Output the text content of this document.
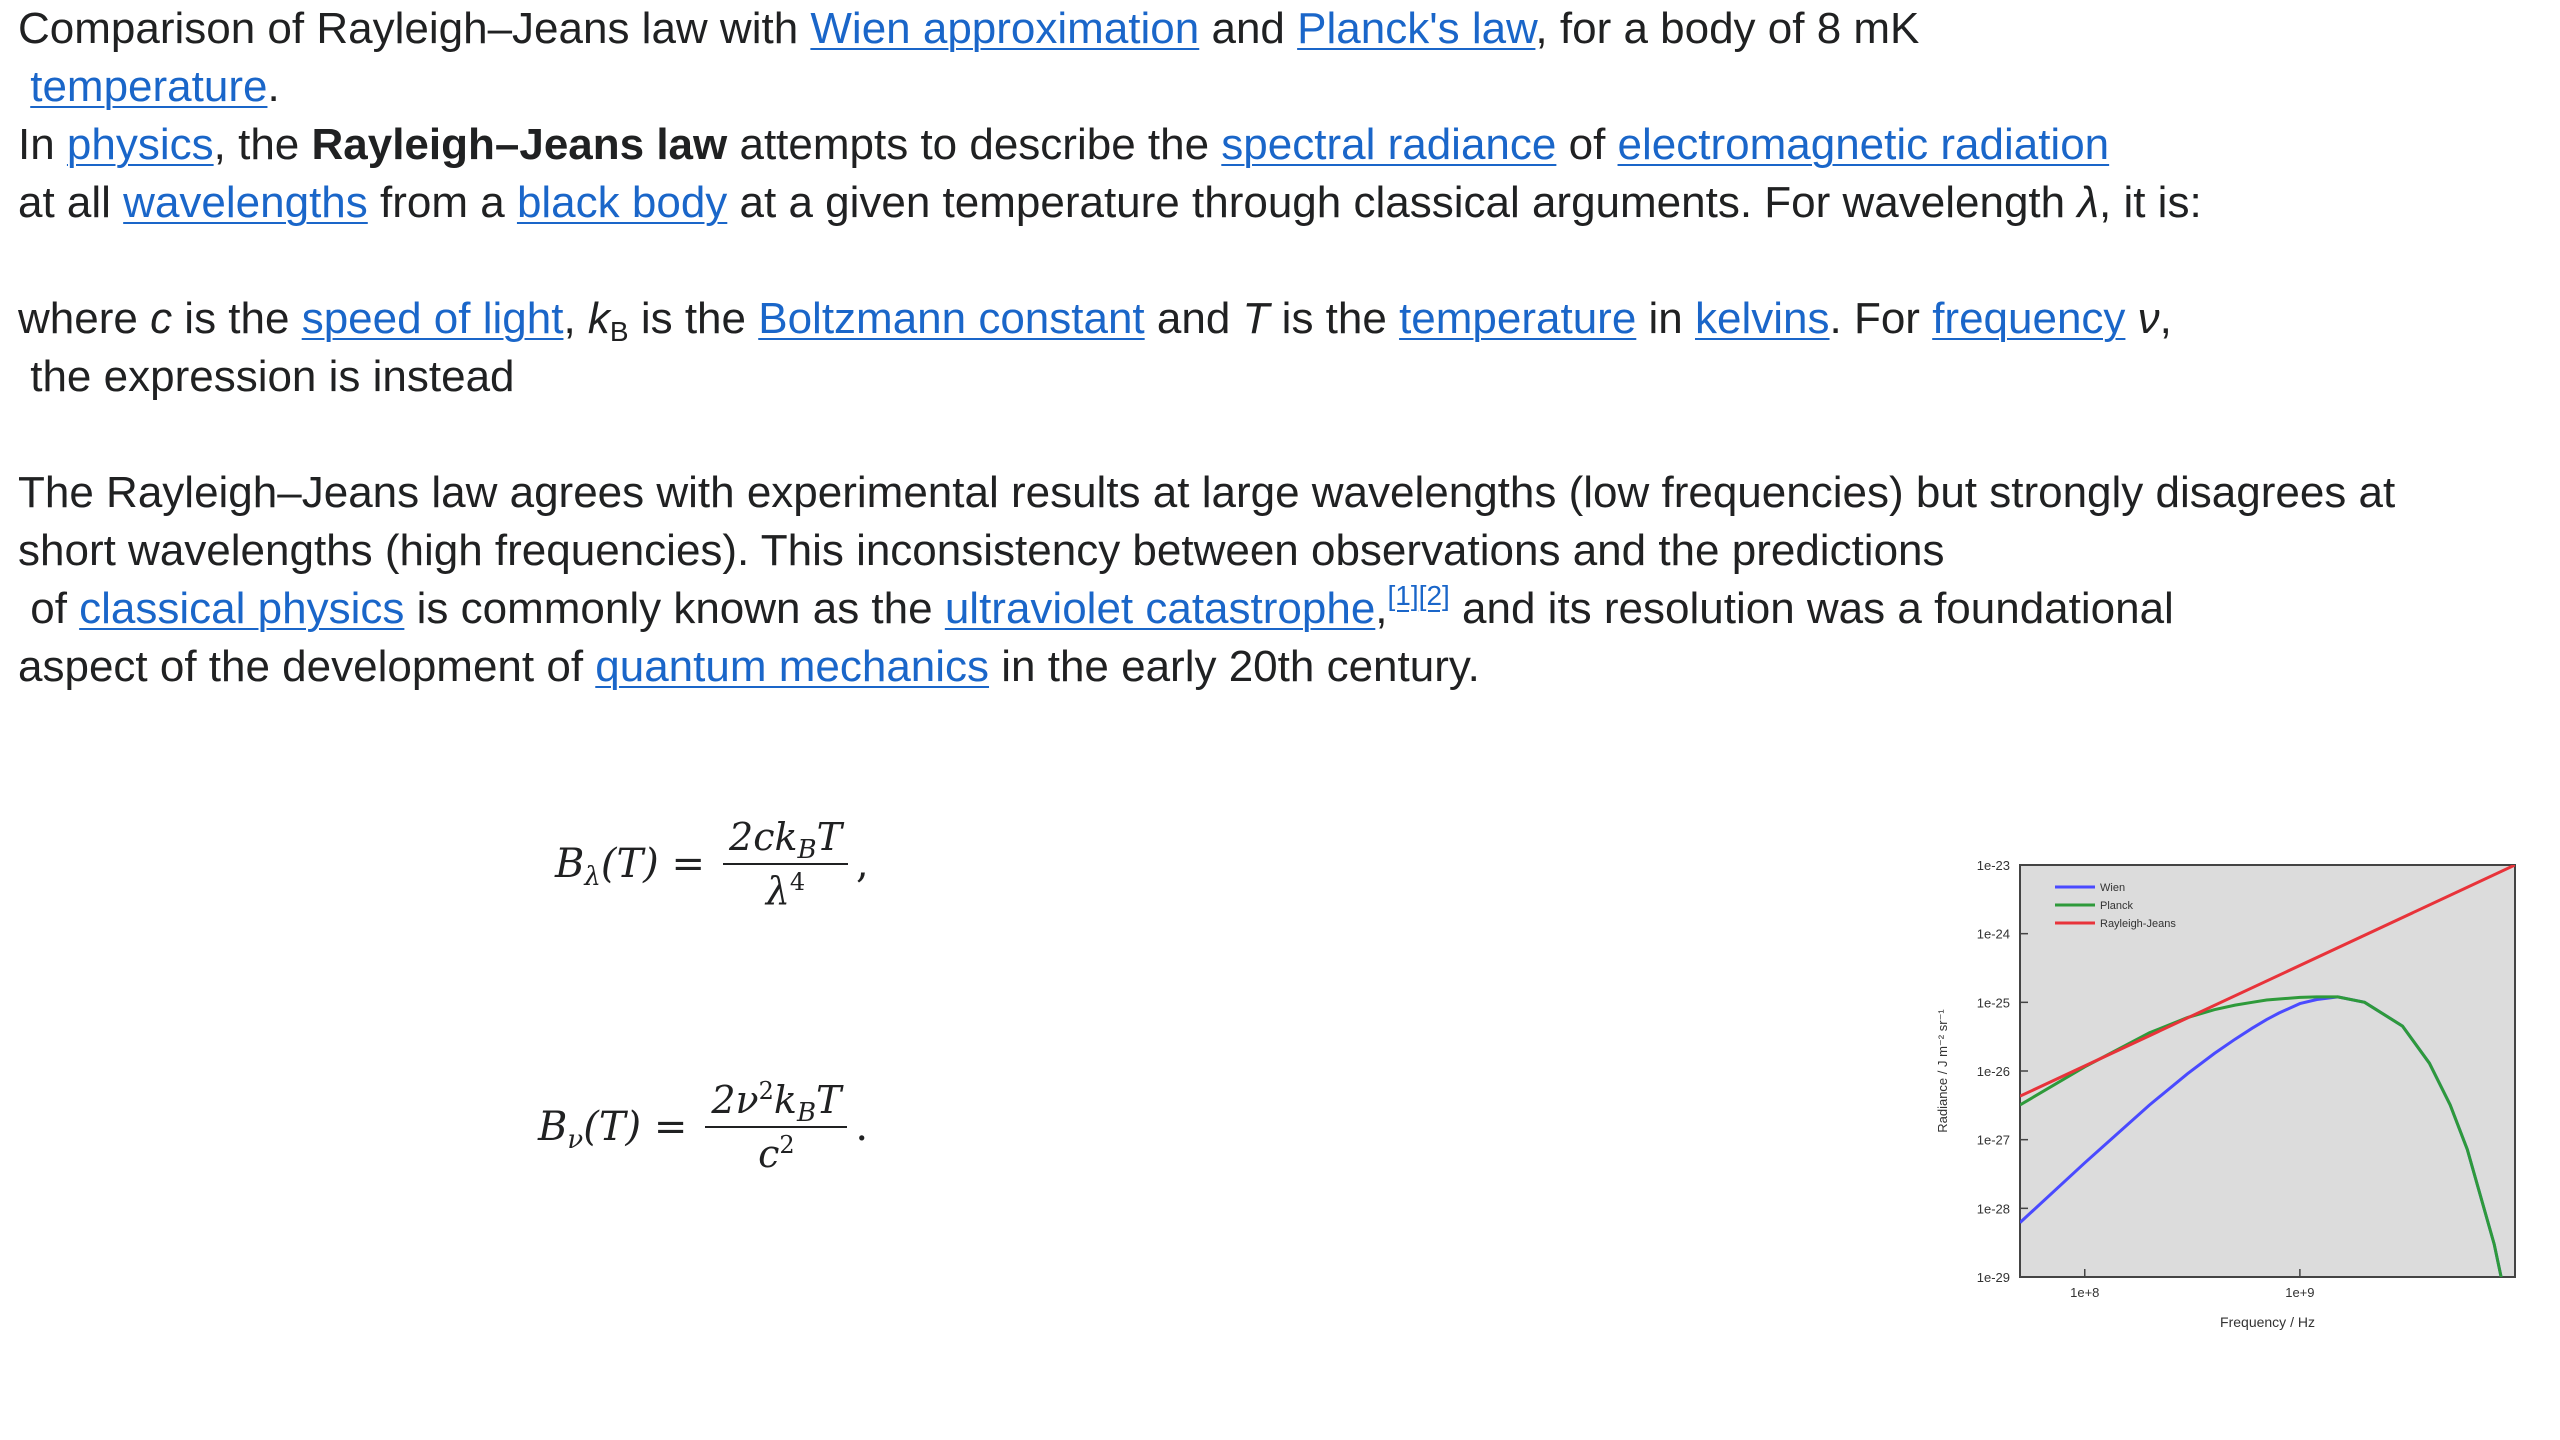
Comparison of Rayleigh–Jeans law with Wien approximation and Planck's law, for a body of 8 mK
temperature.

In physics, the Rayleigh–Jeans law attempts to describe the spectral radiance of electromagnetic radiation
at all wavelengths from a black body at a given temperature through classical arguments. For wavelength λ, it is:

where c is the speed of light, $k_B$ is the Boltzmann constant and T is the temperature in kelvins. For frequency ν,
the expression is instead

The Rayleigh–Jeans law agrees with experimental results at large wavelengths (low frequencies) but strongly disagrees at short wavelengths (high frequencies). This inconsistency between observations and the predictions
of classical physics is commonly known as the ultraviolet catastrophe,[1][2] and its resolution was a foundational
aspect of the development of quantum mechanics in the early 20th century.

$B_\lambda(T) = \frac{2ck_BT}{\lambda^4}$ ,
$B_\nu(T) = \frac{2\nu^2k_BT}{c^2}$ .
1e-23
1e-24
1e-25
1e-26
1e-27
1e-28
1e-29
1e+8	1e+9
Frequency / Hz
Radiance / J m⁻² sr⁻¹
Wien
Planck
Rayleigh-Jeans
